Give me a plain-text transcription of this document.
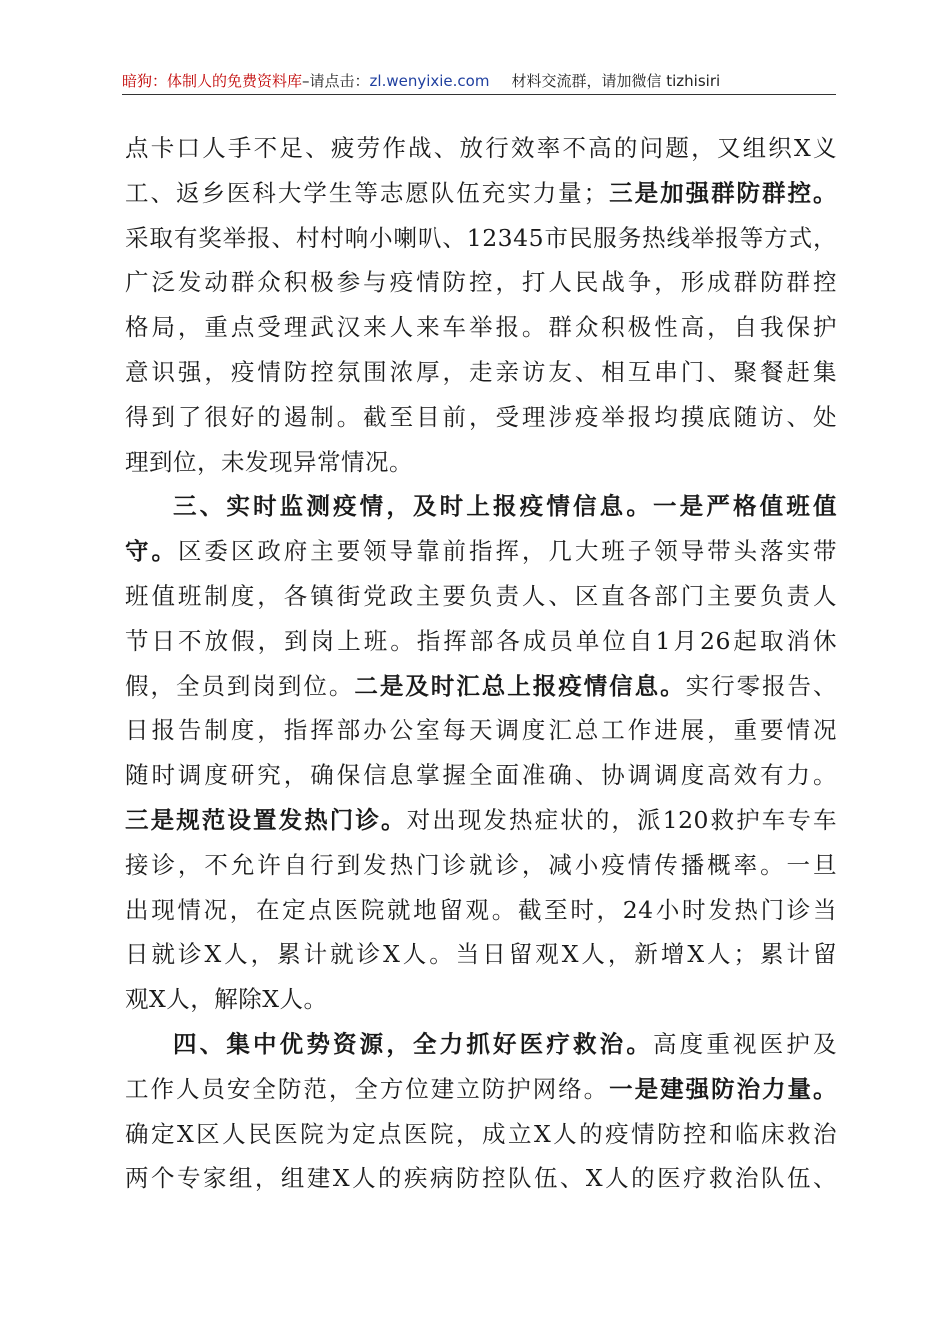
暗狗：体制人的免费资料库–请点击：zl.wenyixie.com 材料交流群，请加微信 tizhisiri
点卡口人手不足、疲劳作战、放行效率不高的问题，又组织X义
工、返乡医科大学生等志愿队伍充实力量；三是加强群防群控。
采取有奖举报、村村响小喇叭、12345市民服务热线举报等方式，
广泛发动群众积极参与疫情防控，打人民战争，形成群防群控
格局，重点受理武汉来人来车举报。群众积极性高，自我保护
意识强，疫情防控氛围浓厚，走亲访友、相互串门、聚餐赶集
得到了很好的遏制。截至目前，受理涉疫举报均摸底随访、处
理到位，未发现异常情况。
三、实时监测疫情，及时上报疫情信息。一是严格值班值
守。区委区政府主要领导靠前指挥，几大班子领导带头落实带
班值班制度，各镇街党政主要负责人、区直各部门主要负责人
节日不放假，到岗上班。指挥部各成员单位自1月26起取消休
假，全员到岗到位。二是及时汇总上报疫情信息。实行零报告、
日报告制度，指挥部办公室每天调度汇总工作进展，重要情况
随时调度研究，确保信息掌握全面准确、协调调度高效有力。
三是规范设置发热门诊。对出现发热症状的，派120救护车专车
接诊，不允许自行到发热门诊就诊，减小疫情传播概率。一旦
出现情况，在定点医院就地留观。截至时，24小时发热门诊当
日就诊X人，累计就诊X人。当日留观X人，新增X人；累计留
观X人，解除X人。
四、集中优势资源，全力抓好医疗救治。高度重视医护及
工作人员安全防范，全方位建立防护网络。一是建强防治力量。
确定X区人民医院为定点医院，成立X人的疫情防控和临床救治
两个专家组，组建X人的疾病防控队伍、X人的医疗救治队伍、
